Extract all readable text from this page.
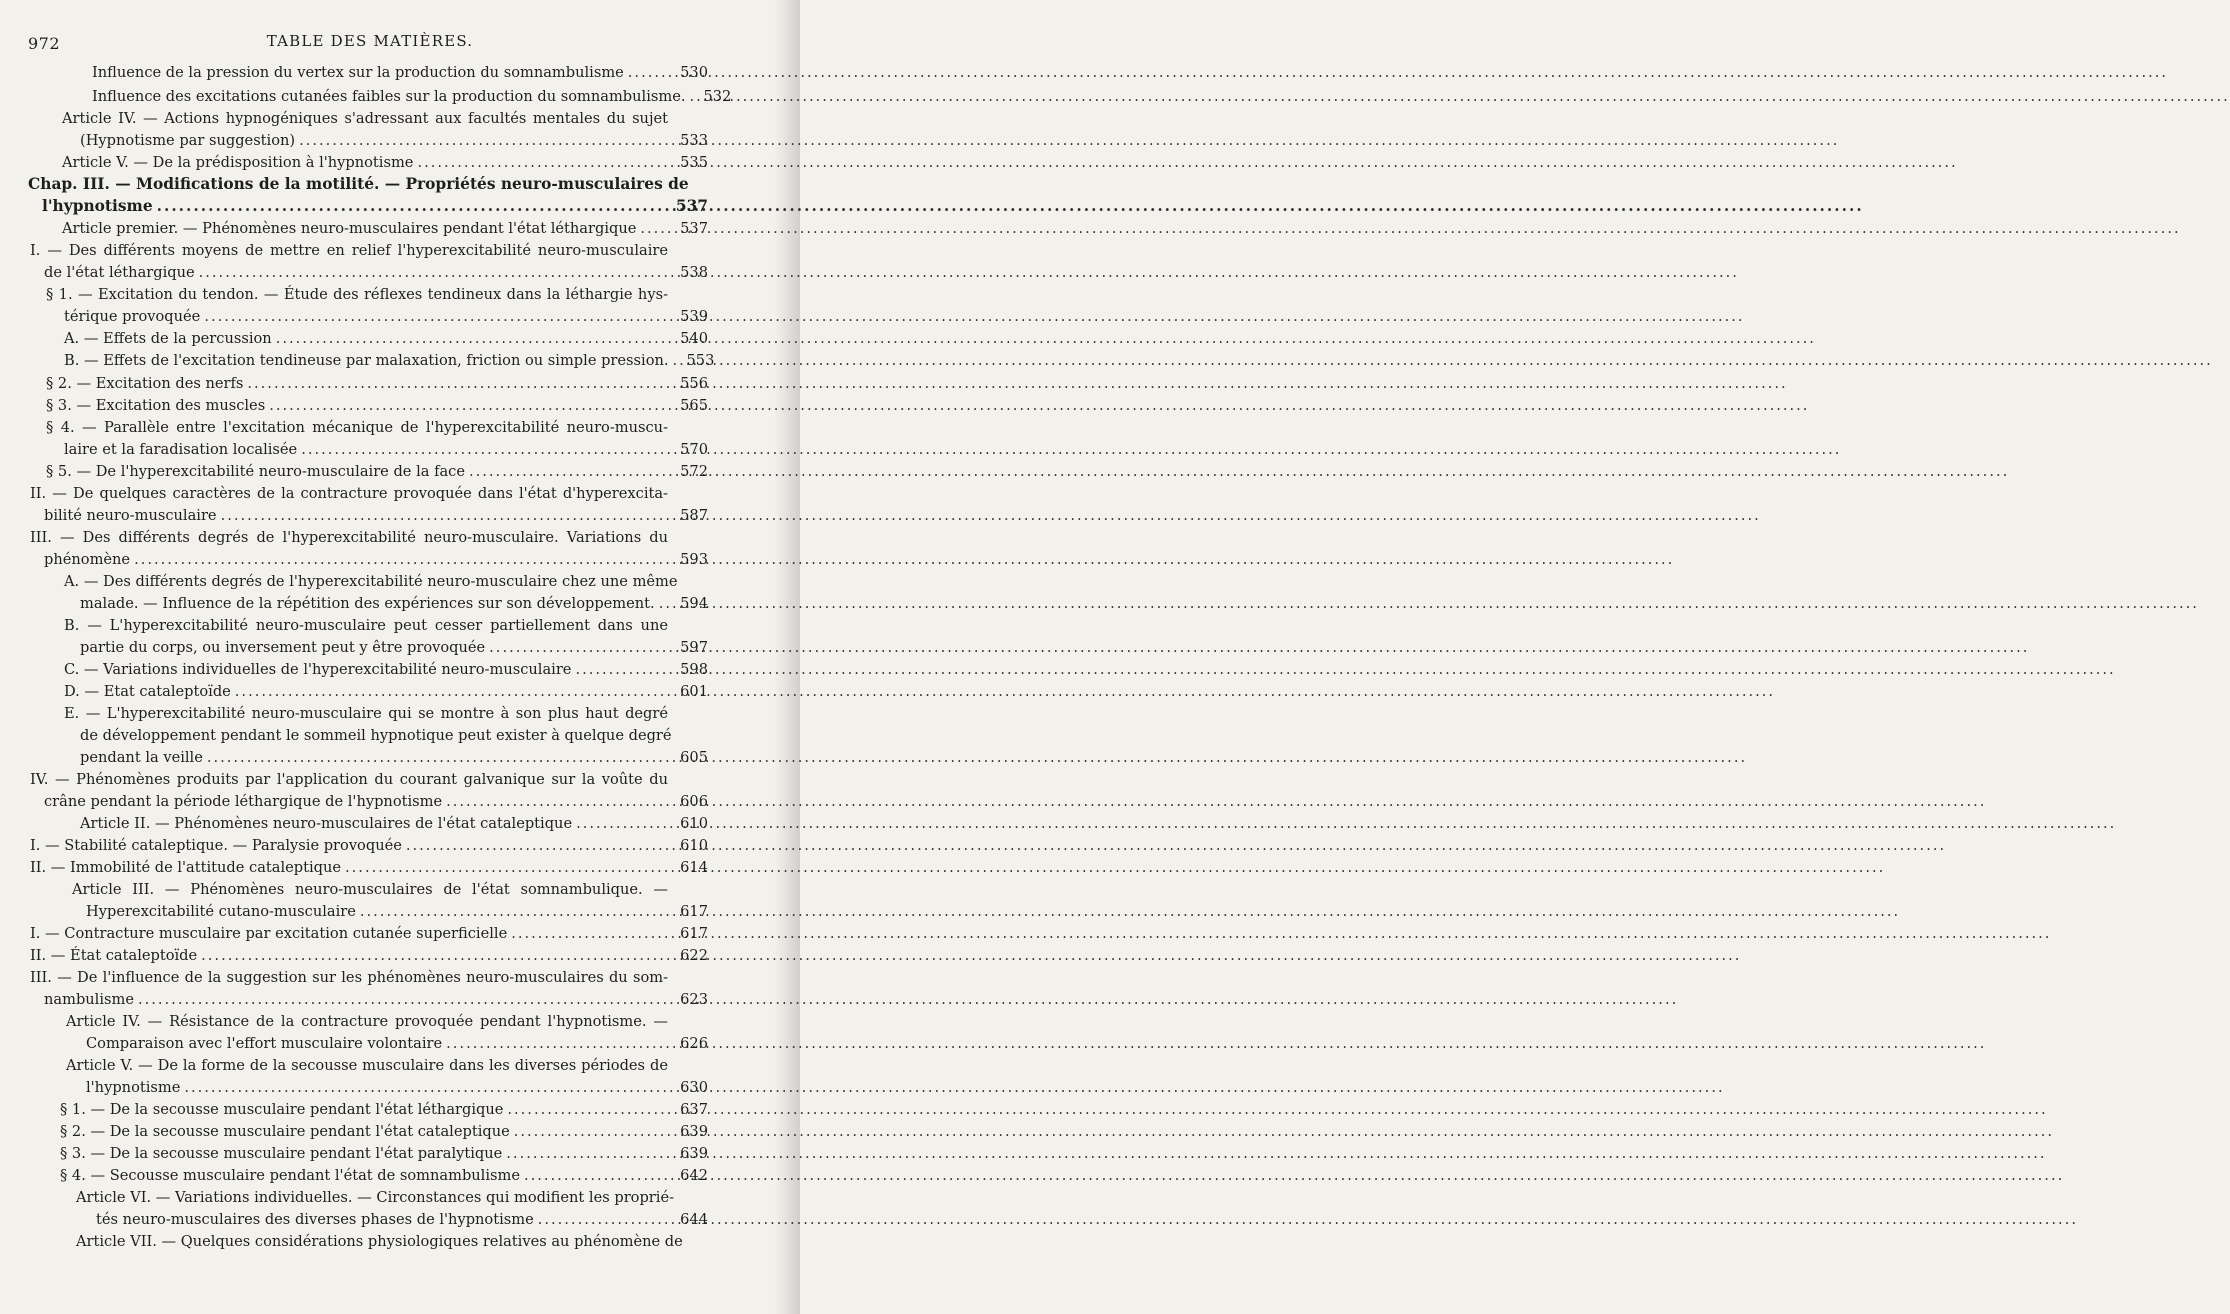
972	TABLE DES MATIÈRES.
Influence de la pression du vertex sur la production du somnambulisme .....	530
Influence des excitations cutanées faibles sur la production du somnambulisme. ..... 532
Article IV. — Actions hypnogéniques s'adressant aux facultés mentales du sujet
(Hypnotisme par suggestion) .....	533
Article V. — De la prédisposition à l'hypnotisme .....	535
Chap. III. — Modifications de la motilité. — Propriétés neuro-musculaires de
l'hypnotisme .....	537
Article premier. — Phénomènes neuro-musculaires pendant l'état léthargique .....	537
I. — Des différents moyens de mettre en relief l'hyperexcitabilité neuro-musculaire
de l'état léthargique .....	538
§ 1. — Excitation du tendon. — Étude des réflexes tendineux dans la léthargie hys-
térique provoquée .....	539
A. — Effets de la percussion .....	540
B. — Effets de l'excitation tendineuse par malaxation, friction ou simple pression. ..... 553
§ 2. — Excitation des nerfs .....	556
§ 3. — Excitation des muscles .....	565
§ 4. — Parallèle entre l'excitation mécanique de l'hyperexcitabilité neuro-muscu-
laire et la faradisation localisée .....	570
§ 5. — De l'hyperexcitabilité neuro-musculaire de la face .....	572
II. — De quelques caractères de la contracture provoquée dans l'état d'hyperexcita-
bilité neuro-musculaire .....	587
III. — Des différents degrés de l'hyperexcitabilité neuro-musculaire. Variations du
phénomène .....	593
A. — Des différents degrés de l'hyperexcitabilité neuro-musculaire chez une même
malade. — Influence de la répétition des expériences sur son développement. ..... 594
B. — L'hyperexcitabilité neuro-musculaire peut cesser partiellement dans une
partie du corps, ou inversement peut y être provoquée .....	597
C. — Variations individuelles de l'hyperexcitabilité neuro-musculaire .....	598
D. — Etat cataleptoïde .....	601
E. — L'hyperexcitabilité neuro-musculaire qui se montre à son plus haut degré
de développement pendant le sommeil hypnotique peut exister à quelque degré
pendant la veille .....	605
IV. — Phénomènes produits par l'application du courant galvanique sur la voûte du
crâne pendant la période léthargique de l'hypnotisme .....	606
Article II. — Phénomènes neuro-musculaires de l'état cataleptique .....	610
I. — Stabilité cataleptique. — Paralysie provoquée .....	610
II. — Immobilité de l'attitude cataleptique .....	614
Article III. — Phénomènes neuro-musculaires de l'état somnambulique. —
Hyperexcitabilité cutano-musculaire .....	617
I. — Contracture musculaire par excitation cutanée superficielle .....	617
II. — État cataleptoïde .....	622
III. — De l'influence de la suggestion sur les phénomènes neuro-musculaires du som-
nambulisme .....	623
Article IV. — Résistance de la contracture provoquée pendant l'hypnotisme. —
Comparaison avec l'effort musculaire volontaire .....	626
Article V. — De la forme de la secousse musculaire dans les diverses périodes de
l'hypnotisme .....	630
§ 1. — De la secousse musculaire pendant l'état léthargique .....	637
§ 2. — De la secousse musculaire pendant l'état cataleptique .....	639
§ 3. — De la secousse musculaire pendant l'état paralytique .....	639
§ 4. — Secousse musculaire pendant l'état de somnambulisme .....	642
Article VI. — Variations individuelles. — Circonstances qui modifient les proprié-
tés neuro-musculaires des diverses phases de l'hypnotisme .....	644
Article VII. — Quelques considérations physiologiques relatives au phénomène de
